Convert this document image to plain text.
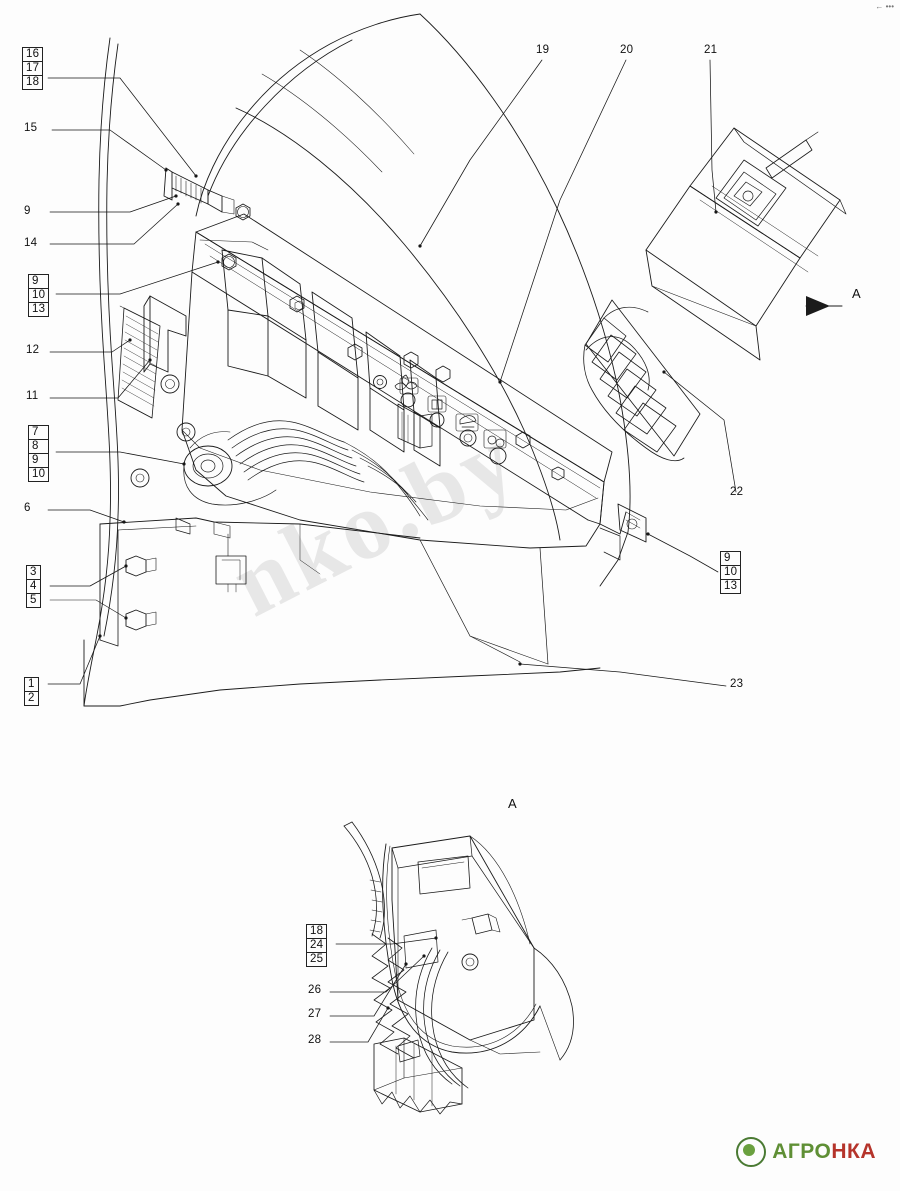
← •••
nko.by
16
17
18
15
9
14
9
10
13
12
11
7
8
9
10
6
3
4
5
1
2
19	20	21
22
9
10
13
23
18
24
25
26
27
28
A
A
АГРОНКА
